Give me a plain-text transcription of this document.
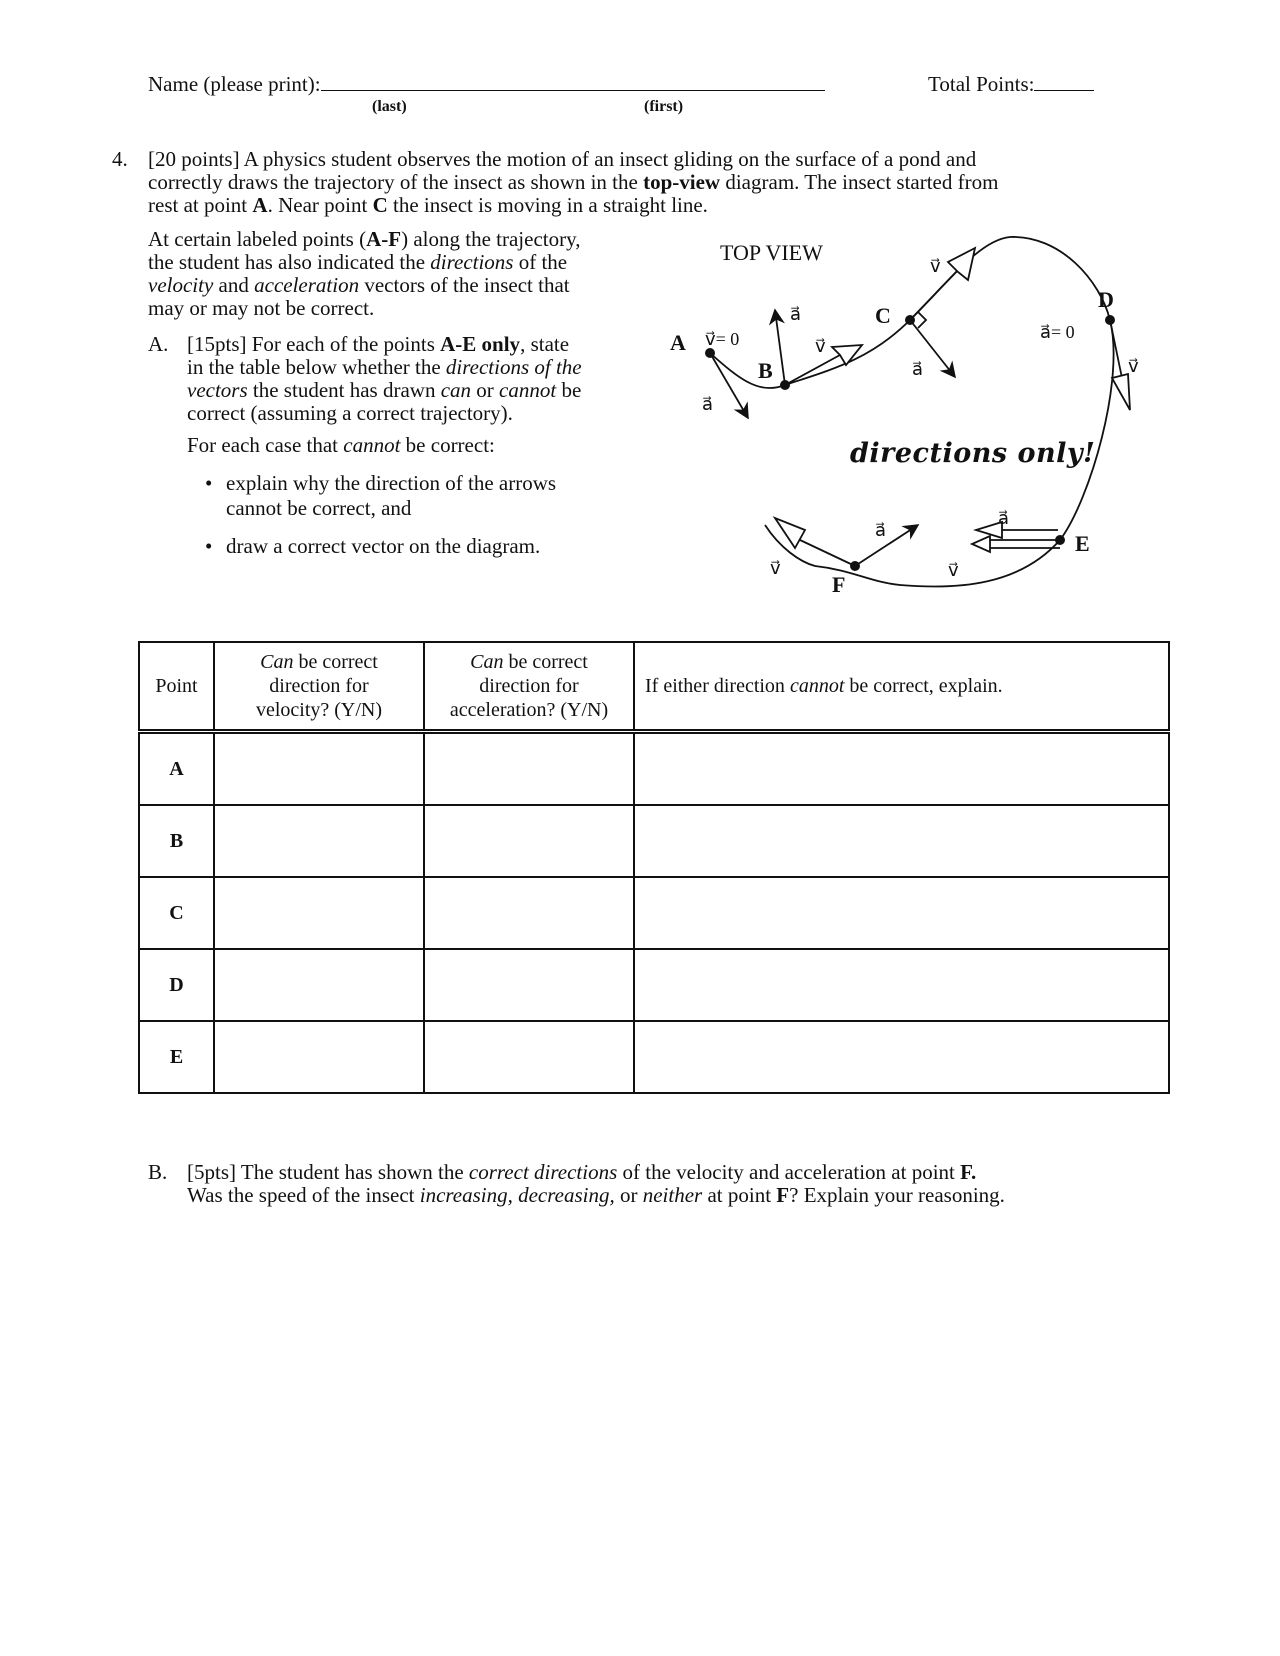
Name (please print):
(last)	(first)
Total Points:
4. [20 points] A physics student observes the motion of an insect gliding on the surface of a pond and
correctly draws the trajectory of the insect as shown in the top-view diagram. The insect started from
rest at point A. Near point C the insect is moving in a straight line.
At certain labeled points (A-F) along the trajectory,
the student has also indicated the directions of the
velocity and acceleration vectors of the insect that
may or may not be correct.
A. [15pts] For each of the points A-E only, state
in the table below whether the directions of the
vectors the student has drawn can or cannot be
correct (assuming a correct trajectory).
For each case that cannot be correct:
• explain why the direction of the arrows
cannot be correct, and
• draw a correct vector on the diagram.
TOP VIEW
A
B
C
D
E
F
v⃗= 0
a⃗
a⃗
v⃗
a⃗
v⃗
a⃗= 0
v⃗
a⃗
v⃗
a⃗
v⃗
directions only!
Point	Can be correct
direction for
velocity? (Y/N)	Can be correct
direction for
acceleration? (Y/N)	If either direction cannot be correct, explain.
A			
B			
C			
D			
E			
B. [5pts] The student has shown the correct directions of the velocity and acceleration at point F.
Was the speed of the insect increasing, decreasing, or neither at point F? Explain your reasoning.
